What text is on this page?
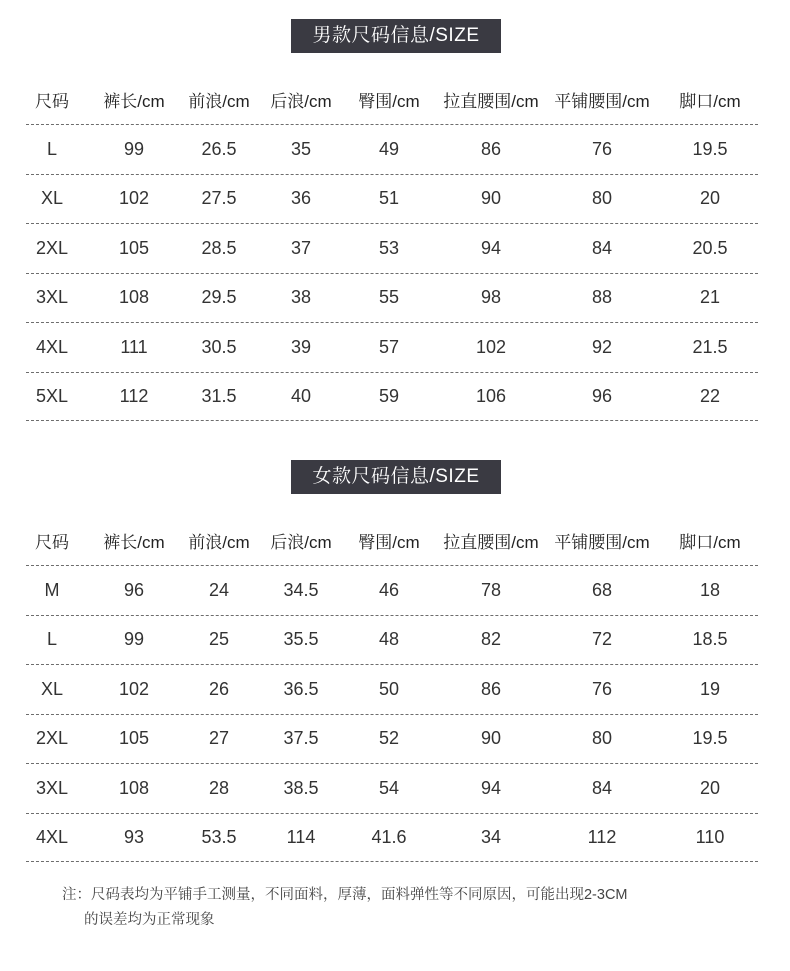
男款尺码信息/SIZE
尺码	裤长/cm	前浪/cm	后浪/cm	臀围/cm	拉直腰围/cm 平铺腰围/cm	脚口/cm
L	99	26.5	35	49	86	76	19.5
XL	102	27.5	36	51	90	80	20
2XL	105	28.5	37	53	94	84	20.5
3XL	108	29.5	38	55	98	88	21
4XL	111	30.5	39	57	102	92	21.5
5XL	112	31.5	40	59	106	96	22
女款尺码信息/SIZE
尺码	裤长/cm	前浪/cm	后浪/cm	臀围/cm	拉直腰围/cm 平铺腰围/cm	脚口/cm
M	96	24	34.5	46	78	68	18
L	99	25	35.5	48	82	72	18.5
XL	102	26	36.5	50	86	76	19
2XL	105	27	37.5	52	90	80	19.5
3XL	108	28	38.5	54	94	84	20
4XL	93	53.5	114	41.6	34	112	110
注：尺码表均为平铺手工测量，不同面料，厚薄，面料弹性等不同原因，可能出现2-3CM
的误差均为正常现象
